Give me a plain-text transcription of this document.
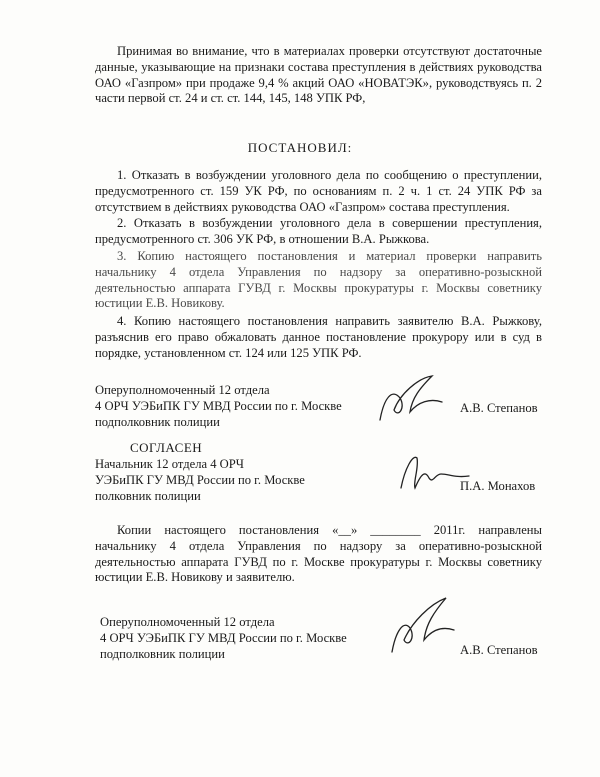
Принимая во внимание, что в материалах проверки отсутствуют достаточные данные, указывающие на признаки состава преступления в действиях руководства ОАО «Газпром» при продаже 9,4 % акций ОАО «НОВАТЭК», руководствуясь п. 2 части первой ст. 24 и ст. ст. 144, 145, 148 УПК РФ,

ПОСТАНОВИЛ:

1. Отказать в возбуждении уголовного дела по сообщению о преступлении, предусмотренного ст. 159 УК РФ, по основаниям п. 2 ч. 1 ст. 24 УПК РФ за отсутствием в действиях руководства ОАО «Газпром» состава преступления.

2. Отказать в возбуждении уголовного дела в совершении преступления, предусмотренного ст. 306 УК РФ, в отношении В.А. Рыжкова.

3. Копию настоящего постановления и материал проверки направить начальнику 4 отдела Управления по надзору за оперативно-розыскной деятельностью аппарата ГУВД г. Москвы прокуратуры г. Москвы советнику юстиции Е.В. Новикову.

4. Копию настоящего постановления направить заявителю В.А. Рыжкову, разъяснив его право обжаловать данное постановление прокурору или в суд в порядке, установленном ст. 124 или 125 УПК РФ.

Оперуполномоченный 12 отдела
4 ОРЧ УЭБиПК ГУ МВД России по г. Москве
подполковник полиции
А.В. Степанов
СОГЛАСЕН
Начальник 12 отдела 4 ОРЧ
УЭБиПК ГУ МВД России по г. Москве
полковник полиции
П.А. Монахов

Копии настоящего постановления «__» ________ 2011г. направлены начальнику 4 отдела Управления по надзору за оперативно-розыскной деятельностью аппарата ГУВД по г. Москве прокуратуры г. Москвы советнику юстиции Е.В. Новикову и заявителю.

Оперуполномоченный 12 отдела
4 ОРЧ УЭБиПК ГУ МВД России по г. Москве
подполковник полиции	А.В. Степанов
